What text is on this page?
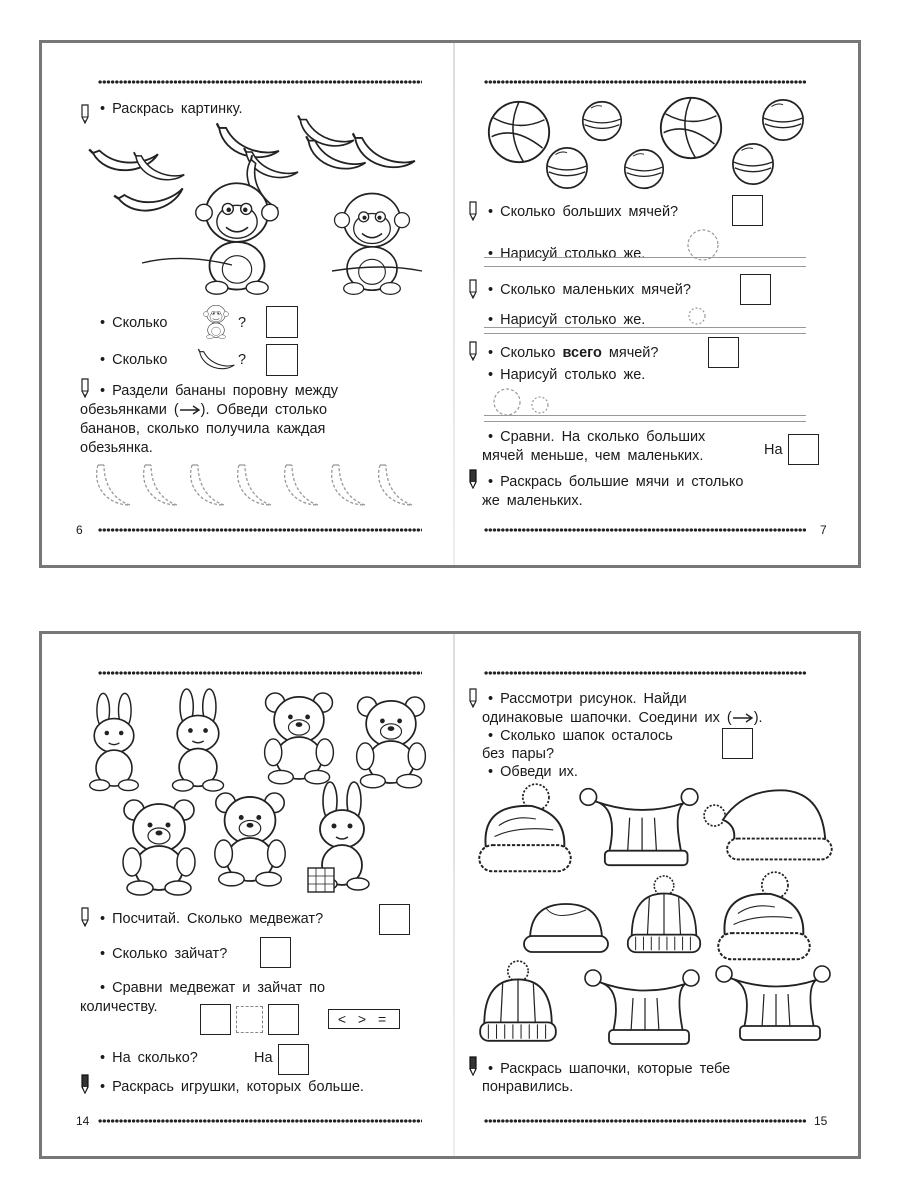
• Раскрась картинку.
• Сколько	?
• Сколько	?
• Раздели бананы поровну между
обезьянками ( ). Обведи столько
бананов, сколько получила каждая
обезьянка.
6
• Сколько больших мячей?
• Нарисуй столько же.
• Сколько маленьких мячей?
• Нарисуй столько же.
• Сколько всего мячей?
• Нарисуй столько же.
• Сравни. На сколько больших
мячей меньше, чем маленьких.	На
• Раскрась большие мячи и столько
же маленьких.
7
• Посчитай. Сколько медвежат?
• Сколько зайчат?
• Сравни медвежат и зайчат по
количеству.
< > =
• На сколько?	На
• Раскрась игрушки, которых больше.
14
• Рассмотри рисунок. Найди
одинаковые шапочки. Соедини их ( ).
• Сколько шапок осталось
без пары?
• Обведи их.
• Раскрась шапочки, которые тебе
понравились.
15
